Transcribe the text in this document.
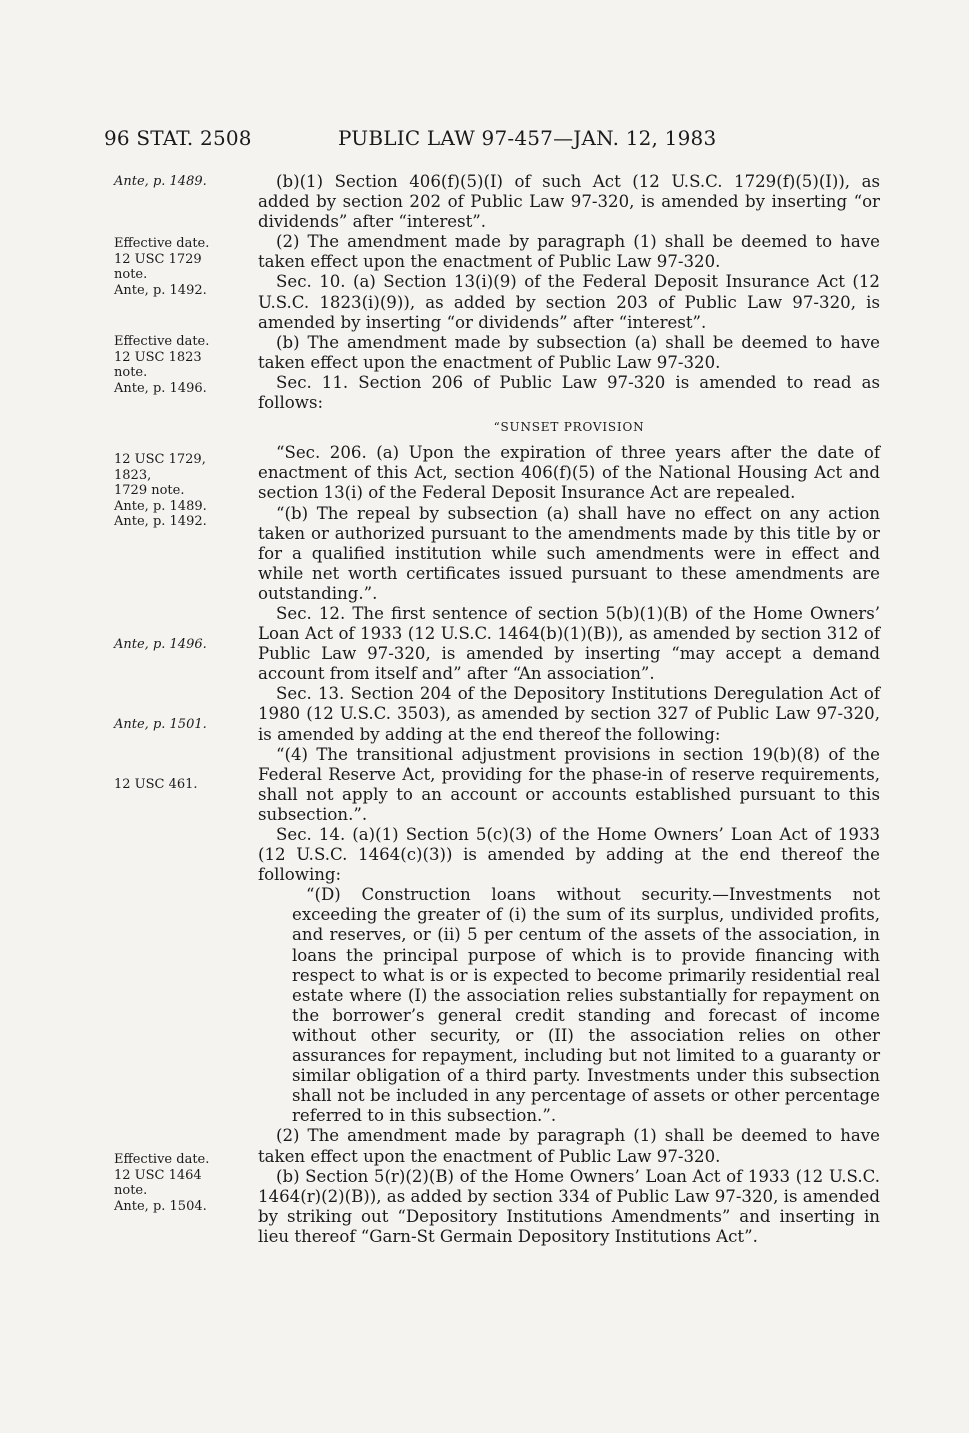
96 STAT. 2508	PUBLIC LAW 97-457—JAN. 12, 1983
Ante, p. 1489.
Effective date.
12 USC 1729
note.
Ante, p. 1492.
Effective date.
12 USC 1823
note.
Ante, p. 1496.
12 USC 1729,
1823,
1729 note.
Ante, p. 1489.
Ante, p. 1492.
Ante, p. 1496.
Ante, p. 1501.
12 USC 461.
Effective date.
12 USC 1464
note.
Ante, p. 1504.

(b)(1) Section 406(f)(5)(I) of such Act (12 U.S.C. 1729(f)(5)(I)), as added by section 202 of Public Law 97-320, is amended by inserting “or dividends” after “interest”.

(2) The amendment made by paragraph (1) shall be deemed to have taken effect upon the enactment of Public Law 97-320.

Sec. 10. (a) Section 13(i)(9) of the Federal Deposit Insurance Act (12 U.S.C. 1823(i)(9)), as added by section 203 of Public Law 97-320, is amended by inserting “or dividends” after “interest”.

(b) The amendment made by subsection (a) shall be deemed to have taken effect upon the enactment of Public Law 97-320.

Sec. 11. Section 206 of Public Law 97-320 is amended to read as follows:

“SUNSET PROVISION

“Sec. 206. (a) Upon the expiration of three years after the date of enactment of this Act, section 406(f)(5) of the National Housing Act and section 13(i) of the Federal Deposit Insurance Act are repealed.

“(b) The repeal by subsection (a) shall have no effect on any action taken or authorized pursuant to the amendments made by this title by or for a qualified institution while such amendments were in effect and while net worth certificates issued pursuant to these amendments are outstanding.”.

Sec. 12. The first sentence of section 5(b)(1)(B) of the Home Owners’ Loan Act of 1933 (12 U.S.C. 1464(b)(1)(B)), as amended by section 312 of Public Law 97-320, is amended by inserting “may accept a demand account from itself and” after “An association”.

Sec. 13. Section 204 of the Depository Institutions Deregulation Act of 1980 (12 U.S.C. 3503), as amended by section 327 of Public Law 97-320, is amended by adding at the end thereof the following:

“(4) The transitional adjustment provisions in section 19(b)(8) of the Federal Reserve Act, providing for the phase-in of reserve requirements, shall not apply to an account or accounts established pursuant to this subsection.”.

Sec. 14. (a)(1) Section 5(c)(3) of the Home Owners’ Loan Act of 1933 (12 U.S.C. 1464(c)(3)) is amended by adding at the end thereof the following:

“(D) Construction loans without security.—Investments not exceeding the greater of (i) the sum of its surplus, undivided profits, and reserves, or (ii) 5 per centum of the assets of the association, in loans the principal purpose of which is to provide financing with respect to what is or is expected to become primarily residential real estate where (I) the association relies substantially for repayment on the borrower’s general credit standing and forecast of income without other security, or (II) the association relies on other assurances for repayment, including but not limited to a guaranty or similar obligation of a third party. Investments under this subsection shall not be included in any percentage of assets or other percentage referred to in this subsection.”.

(2) The amendment made by paragraph (1) shall be deemed to have taken effect upon the enactment of Public Law 97-320.

(b) Section 5(r)(2)(B) of the Home Owners’ Loan Act of 1933 (12 U.S.C. 1464(r)(2)(B)), as added by section 334 of Public Law 97-320, is amended by striking out “Depository Institutions Amendments” and inserting in lieu thereof “Garn-St Germain Depository Institutions Act”.
